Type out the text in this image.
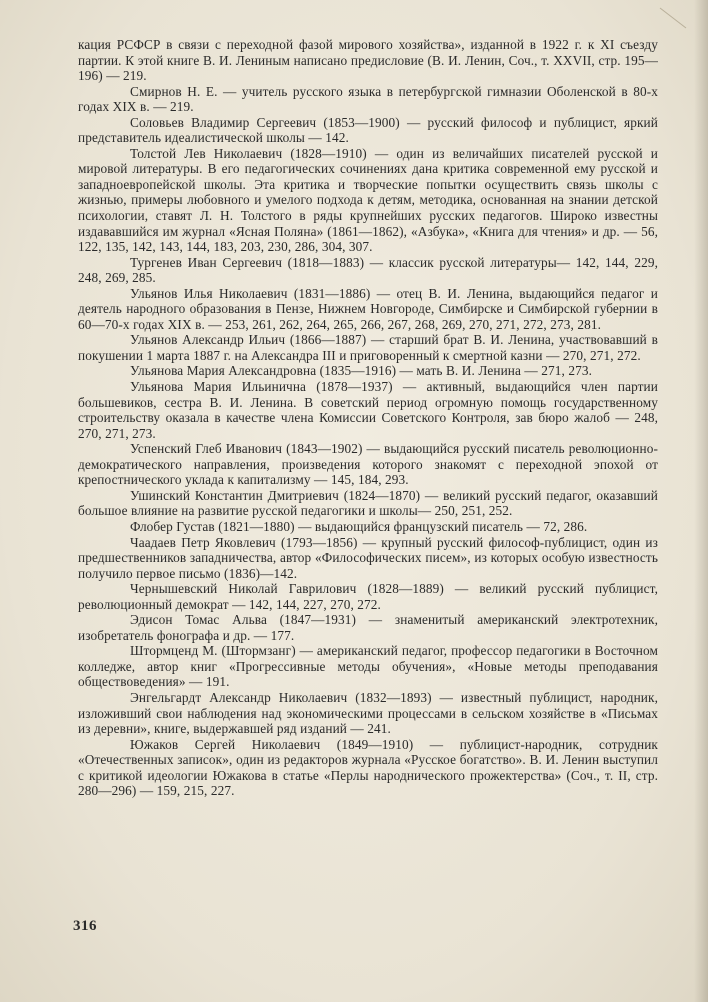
кация РСФСР в связи с переходной фазой мирового хозяйства», изданной в 1922 г. к XI съезду партии. К этой книге В. И. Лениным написано предисловие (В. И. Ленин, Соч., т. XXVII, стр. 195—196) — 219.

Смирнов Н. Е. — учитель русского языка в петербургской гимназии Оболенской в 80-х годах XIX в. — 219.

Соловьев Владимир Сергеевич (1853—1900) — русский философ и публицист, яркий представитель идеалистической школы — 142.

Толстой Лев Николаевич (1828—1910) — один из величайших писателей русской и мировой литературы. В его педагогических сочинениях дана критика современной ему русской и западноевропейской школы. Эта критика и творческие попытки осуществить связь школы с жизнью, примеры любовного и умелого подхода к детям, методика, основанная на знании детской психологии, ставят Л. Н. Толстого в ряды крупнейших русских педагогов. Широко известны издававшийся им журнал «Ясная Поляна» (1861—1862), «Азбука», «Книга для чтения» и др. — 56, 122, 135, 142, 143, 144, 183, 203, 230, 286, 304, 307.

Тургенев Иван Сергеевич (1818—1883) — классик русской литературы— 142, 144, 229, 248, 269, 285.

Ульянов Илья Николаевич (1831—1886) — отец В. И. Ленина, выдающийся педагог и деятель народного образования в Пензе, Нижнем Новгороде, Симбирске и Симбирской губернии в 60—70-х годах XIX в. — 253, 261, 262, 264, 265, 266, 267, 268, 269, 270, 271, 272, 273, 281.

Ульянов Александр Ильич (1866—1887) — старший брат В. И. Ленина, участвовавший в покушении 1 марта 1887 г. на Александра III и приговоренный к смертной казни — 270, 271, 272.

Ульянова Мария Александровна (1835—1916) — мать В. И. Ленина — 271, 273.

Ульянова Мария Ильинична (1878—1937) — активный, выдающийся член партии большевиков, сестра В. И. Ленина. В советский период огромную помощь государственному строительству оказала в качестве члена Комиссии Советского Контроля, зав бюро жалоб — 248, 270, 271, 273.

Успенский Глеб Иванович (1843—1902) — выдающийся русский писатель революционно-демократического направления, произведения которого знакомят с переходной эпохой от крепостнического уклада к капитализму — 145, 184, 293.

Ушинский Константин Дмитриевич (1824—1870) — великий русский педагог, оказавший большое влияние на развитие русской педагогики и школы— 250, 251, 252.

Флобер Густав (1821—1880) — выдающийся французский писатель — 72, 286.

Чаадаев Петр Яковлевич (1793—1856) — крупный русский философ-публицист, один из предшественников западничества, автор «Философических писем», из которых особую известность получило первое письмо (1836)—142.

Чернышевский Николай Гаврилович (1828—1889) — великий русский публицист, революционный демократ — 142, 144, 227, 270, 272.

Эдисон Томас Альва (1847—1931) — знаменитый американский электротехник, изобретатель фонографа и др. — 177.

Штормценд М. (Штормзанг) — американский педагог, профессор педагогики в Восточном колледже, автор книг «Прогрессивные методы обучения», «Новые методы преподавания обществоведения» — 191.

Энгельгардт Александр Николаевич (1832—1893) — известный публицист, народник, изложивший свои наблюдения над экономическими процессами в сельском хозяйстве в «Письмах из деревни», книге, выдержавшей ряд изданий — 241.

Южаков Сергей Николаевич (1849—1910) — публицист-народник, сотрудник «Отечественных записок», один из редакторов журнала «Русское богатство». В. И. Ленин выступил с критикой идеологии Южакова в статье «Перлы народнического прожектерства» (Соч., т. II, стр. 280—296) — 159, 215, 227.

316
